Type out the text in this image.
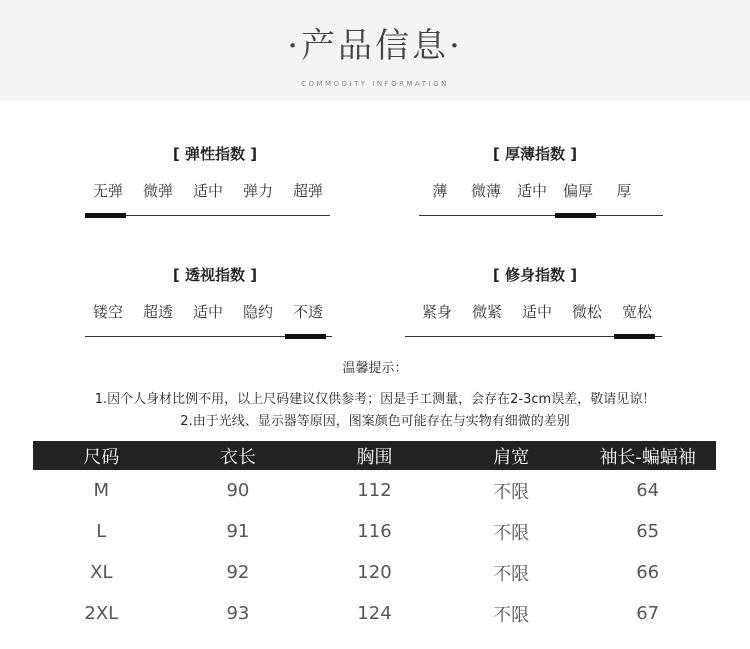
·产品信息·
COMMODITY INFORMATION
[ 弹性指数 ]
无弹	微弹	适中	弹力	超弹
[ 厚薄指数 ]
薄	微薄	适中	偏厚	厚
[ 透视指数 ]
镂空	超透	适中	隐约	不透
[ 修身指数 ]
紧身	微紧	适中	微松	宽松
温馨提示：
1.因个人身材比例不用，以上尺码建议仅供参考；因是手工测量，会存在2-3cm误差，敬请见谅！
2.由于光线、显示器等原因，图案颜色可能存在与实物有细微的差别
尺码	衣长	胸围	肩宽	袖长-蝙蝠袖
M	90	112	不限	64
L	91	116	不限	65
XL	92	120	不限	66
2XL	93	124	不限	67
